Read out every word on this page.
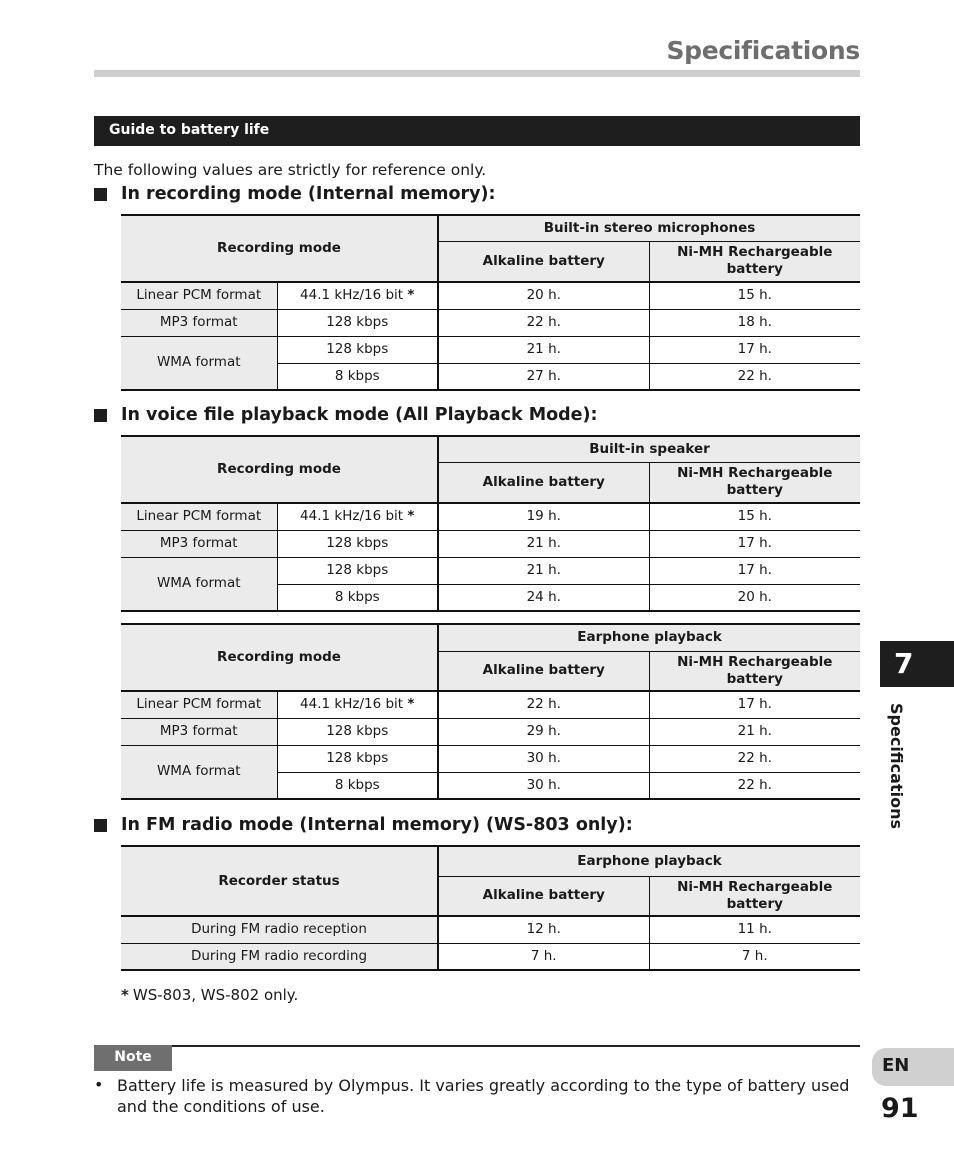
Specifications
Guide to battery life
The following values are strictly for reference only.
In recording mode (Internal memory):
Recording mode		Built-in stereo microphones	
		Alkaline battery	Ni-MH Rechargeable battery
Linear PCM format	44.1 kHz/16 bit *	20 h.	15 h.
MP3 format	128 kbps	22 h.	18 h.
WMA format	128 kbps	21 h.	17 h.
	8 kbps	27 h.	22 h.
In voice file playback mode (All Playback Mode):
Recording mode		Built-in speaker	
		Alkaline battery	Ni-MH Rechargeable battery
Linear PCM format	44.1 kHz/16 bit *	19 h.	15 h.
MP3 format	128 kbps	21 h.	17 h.
WMA format	128 kbps	21 h.	17 h.
	8 kbps	24 h.	20 h.
Recording mode		Earphone playback	
		Alkaline battery	Ni-MH Rechargeable battery
Linear PCM format	44.1 kHz/16 bit *	22 h.	17 h.
MP3 format	128 kbps	29 h.	21 h.
WMA format	128 kbps	30 h.	22 h.
	8 kbps	30 h.	22 h.
In FM radio mode (Internal memory) (WS-803 only):
Recorder status	Earphone playback	
	Alkaline battery	Ni-MH Rechargeable battery
During FM radio reception	12 h.	11 h.
During FM radio recording	7 h.	7 h.
* WS-803, WS-802 only.
Note
• Battery life is measured by Olympus. It varies greatly according to the type of battery used and the conditions of use.
7
Specifications
EN
91
